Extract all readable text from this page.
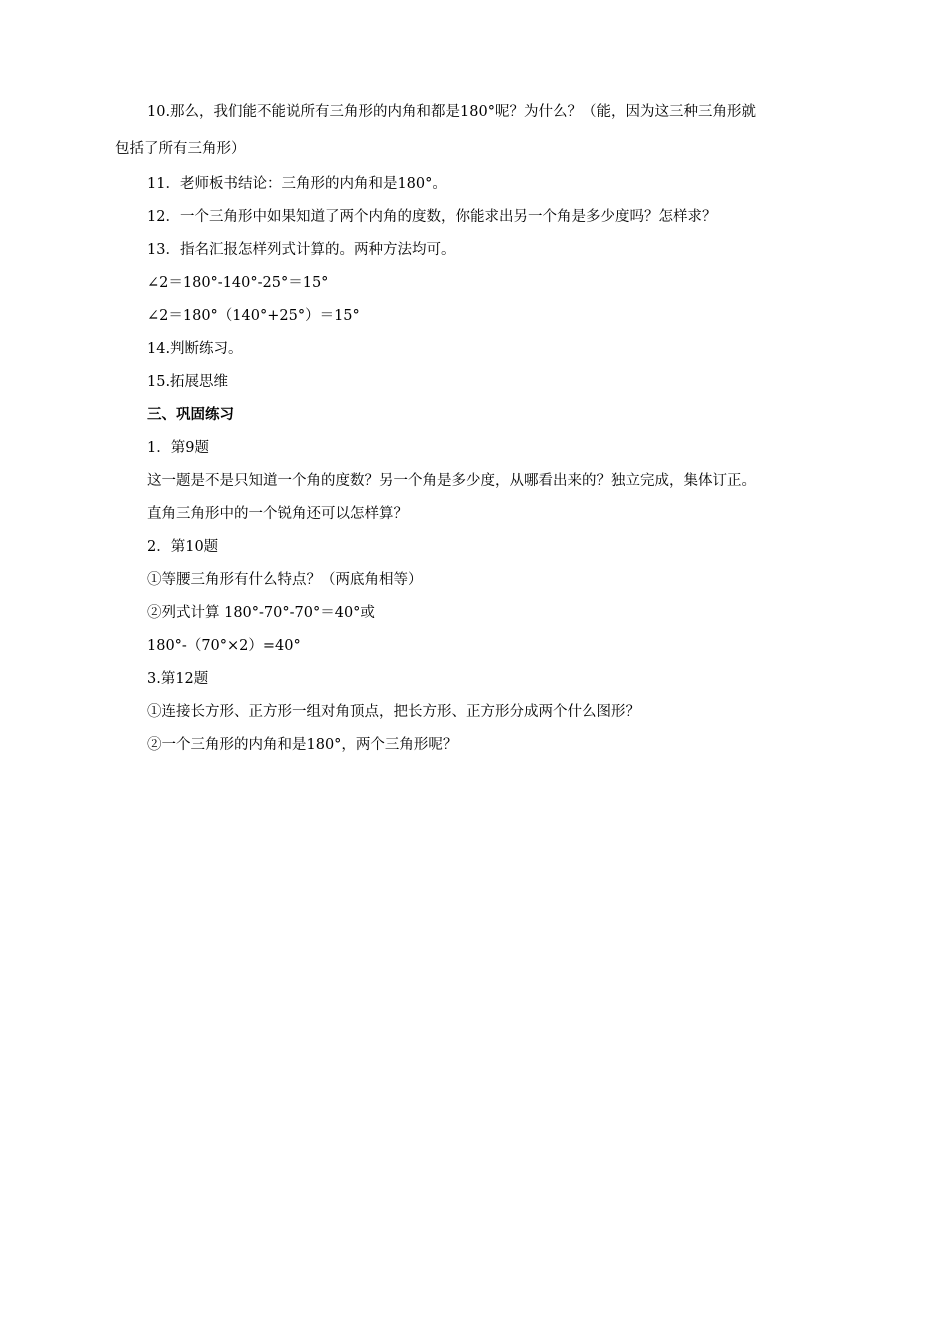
10.那么，我们能不能说所有三角形的内角和都是180°呢？为什么？（能，因为这三种三角形就
包括了所有三角形）
11．老师板书结论：三角形的内角和是180°。
12．一个三角形中如果知道了两个内角的度数，你能求出另一个角是多少度吗？怎样求？
13．指名汇报怎样列式计算的。两种方法均可。
∠2＝180°-140°-25°＝15°
∠2＝180°（140°+25°）＝15°
14.判断练习。
15.拓展思维
三、巩固练习
1．第9题
这一题是不是只知道一个角的度数？另一个角是多少度，从哪看出来的？独立完成，集体订正。
直角三角形中的一个锐角还可以怎样算？
2．第10题
①等腰三角形有什么特点？（两底角相等）
②列式计算 180°-70°-70°＝40°或
180°-（70°×2）=40°
3.第12题
①连接长方形、正方形一组对角顶点，把长方形、正方形分成两个什么图形？
②一个三角形的内角和是180°，两个三角形呢？
